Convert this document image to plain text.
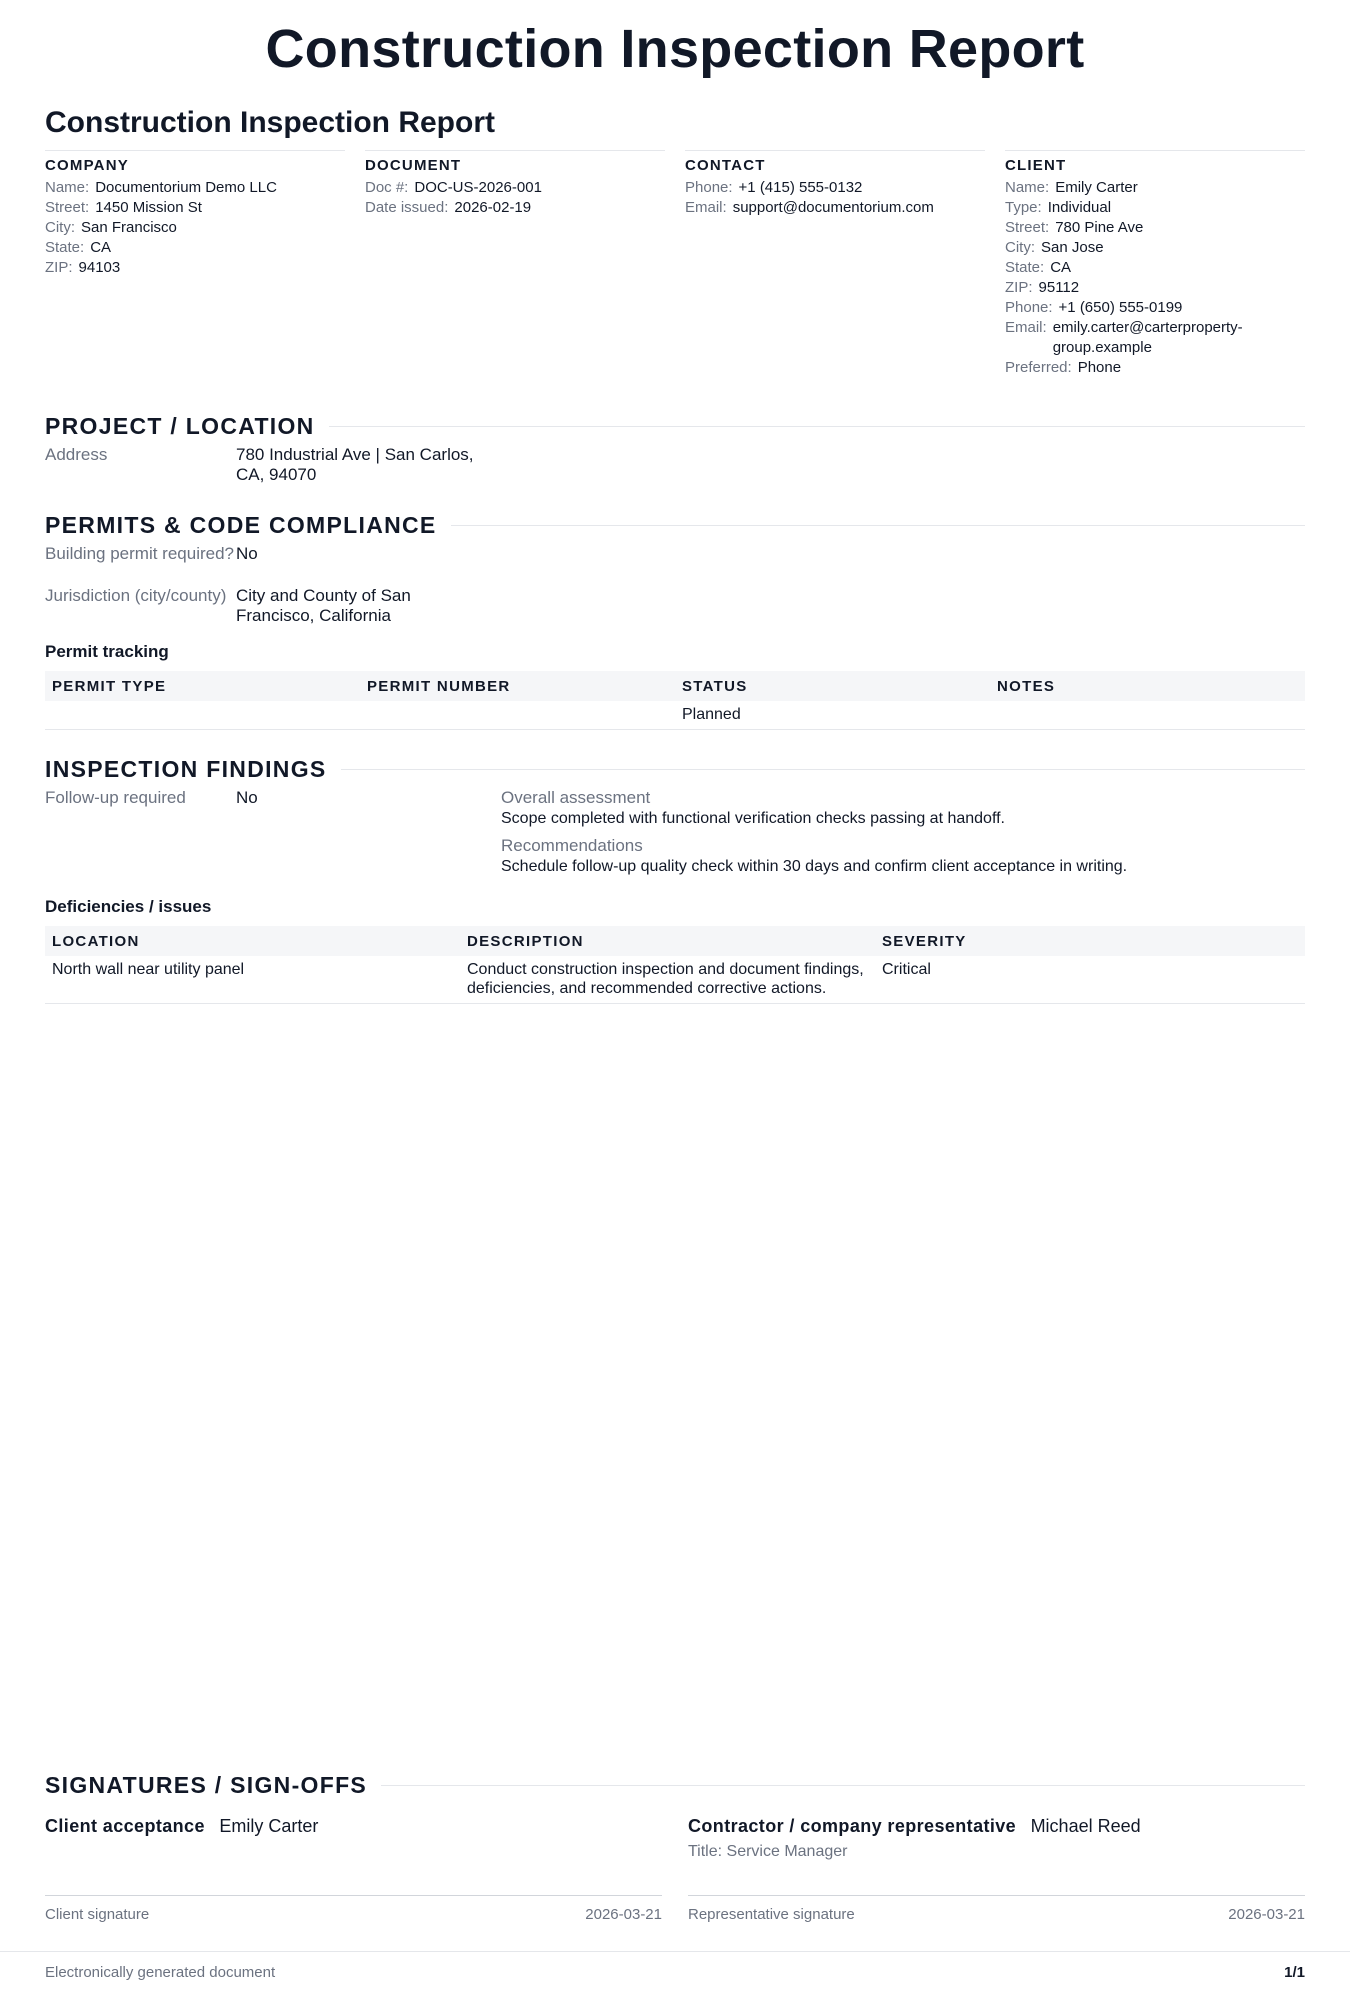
Construction Inspection Report
Construction Inspection Report
COMPANY
Name: Documentorium Demo LLC
Street: 1450 Mission St
City: San Francisco
State: CA
ZIP: 94103
DOCUMENT
Doc #: DOC-US-2026-001
Date issued: 2026-02-19
CONTACT
Phone: +1 (415) 555-0132
Email: support@documentorium.com
CLIENT
Name: Emily Carter
Type: Individual
Street: 780 Pine Ave
City: San Jose
State: CA
ZIP: 95112
Phone: +1 (650) 555-0199
Email: emily.carter@carterproperty-group.example
Preferred: Phone
PROJECT / LOCATION
Address	780 Industrial Ave | San Carlos, CA, 94070
PERMITS & CODE COMPLIANCE
Building permit required? No
Jurisdiction (city/county) City and County of San Francisco, California
Permit tracking
PERMIT TYPE	PERMIT NUMBER	STATUS	NOTES
		Planned	
INSPECTION FINDINGS
Follow-up required	No	Overall assessment
Scope completed with functional verification checks passing at handoff.
Recommendations
Schedule follow-up quality check within 30 days and confirm client acceptance in writing.
Deficiencies / issues
LOCATION	DESCRIPTION	SEVERITY
North wall near utility panel	Conduct construction inspection and document findings, deficiencies, and recommended corrective actions.	Critical
SIGNATURES / SIGN-OFFS
Client acceptance Emily Carter
Client signature	2026-03-21
Contractor / company representative Michael Reed
Title: Service Manager
Representative signature	2026-03-21
Electronically generated document	1/1
